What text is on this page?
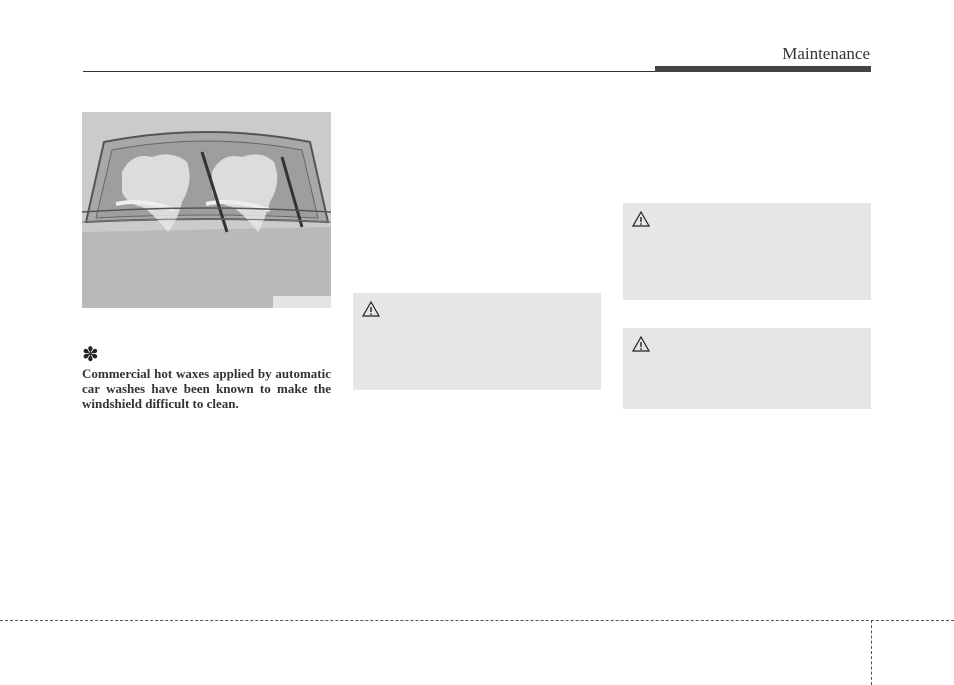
Maintenance
✽
Commercial hot waxes applied by automatic car washes have been known to make the windshield difficult to clean.
